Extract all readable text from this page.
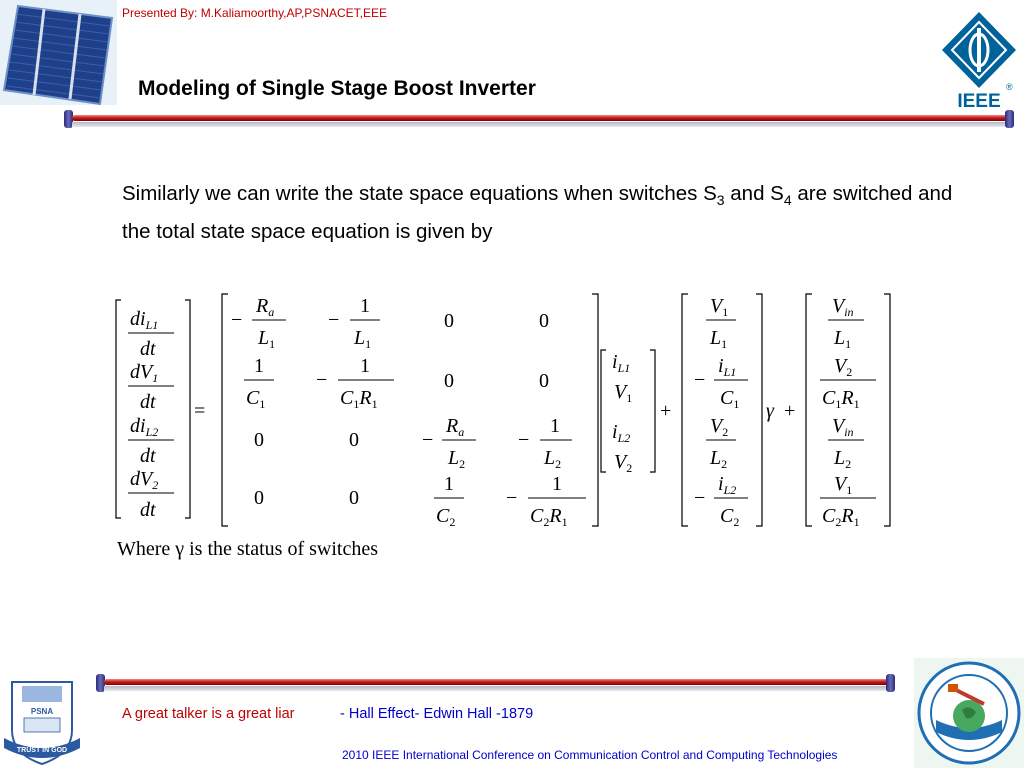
Presented By: M.Kaliamoorthy,AP,PSNACET,EEE
Modeling of Single Stage Boost Inverter	®
IEEE
Similarly we can write the state space equations when switches $S_3$ and $S_4$ are switched and the total state space equation is given by
$di_{L1}$
dt
$dV_1$
dt
$di_{L2}$
dt
$dV_2$
dt
=
−
$R_a$
$L_1$
−
1
$L_1$
0	0
1
$C_1$
−
1
$C_1R_1$
0	0
0	0	−
$R_a$
$L_2$
−
1
$L_2$
0	0
1
$C_2$
−
1
$C_2R_1$
$i_{L1}$
$V_1$
$i_{L2}$
$V_2$
+
$V_1$
$L_1$
−
$i_{L1}$
$C_1$
$V_2$
$L_2$
−
$i_{L2}$
$C_2$
γ +
$V_{in}$
$L_1$
$V_2$
$C_1R_1$
$V_{in}$
$L_2$
$V_1$
$C_2R_1$
Where γ is the status of switches
PSNA
TRUST IN GOD
A great talker is a great liar	- Hall Effect- Edwin Hall -1879
2010 IEEE International Conference on Communication Control and Computing Technologies
